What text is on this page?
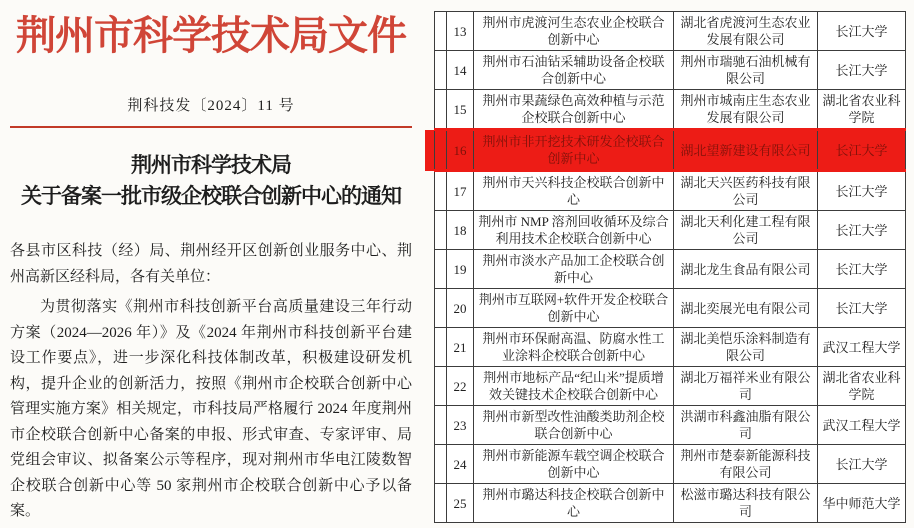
荆州市科学技术局文件
荆科技发〔2024〕11 号
荆州市科学技术局
关于备案一批市级企校联合创新中心的通知
各县市区科技（经）局、荆州经开区创新创业服务中心、荆州高新区经科局，各有关单位：
为贯彻落实《荆州市科技创新平台高质量建设三年行动方案（2024—2026 年）》及《2024 年荆州市科技创新平台建设工作要点》，进一步深化科技体制改革，积极建设研发机构，提升企业的创新活力，按照《荆州市企校联合创新中心管理实施方案》相关规定，市科技局严格履行 2024 年度荆州市企校联合创新中心备案的申报、形式审查、专家评审、局党组会审议、拟备案公示等程序，现对荆州市华电江陵数智企校联合创新中心等 50 家荆州市企校联合创新中心予以备案。
	13	荆州市虎渡河生态农业企校联合创新中心	湖北省虎渡河生态农业发展有限公司	长江大学
	14	荆州市石油钻采辅助设备企校联合创新中心	荆州市瑞驰石油机械有限公司	长江大学
	15	荆州市果蔬绿色高效种植与示范企校联合创新中心	荆州市城南庄生态农业发展有限公司	湖北省农业科学院
	16	荆州市非开挖技术研发企校联合创新中心	湖北望新建设有限公司	长江大学
	17	荆州市天兴科技企校联合创新中心	湖北天兴医药科技有限公司	长江大学
	18	荆州市 NMP 溶剂回收循环及综合利用技术企校联合创新中心	湖北天利化建工程有限公司	长江大学
	19	荆州市淡水产品加工企校联合创新中心	湖北龙生食品有限公司	长江大学
	20	荆州市互联网+软件开发企校联合创新中心	湖北奕展光电有限公司	长江大学
	21	荆州市环保耐高温、防腐水性工业涂料企校联合创新中心	湖北美恺乐涂料制造有限公司	武汉工程大学
	22	荆州市地标产品“纪山米”提质增效关键技术企校联合创新中心	湖北万福祥米业有限公司	湖北省农业科学院
	23	荆州市新型改性油酸类助剂企校联合创新中心	洪湖市科鑫油脂有限公司	武汉工程大学
	24	荆州市新能源车载空调企校联合创新中心	荆州市楚泰新能源科技有限公司	长江大学
	25	荆州市璐达科技企校联合创新中心	松滋市璐达科技有限公司	华中师范大学
